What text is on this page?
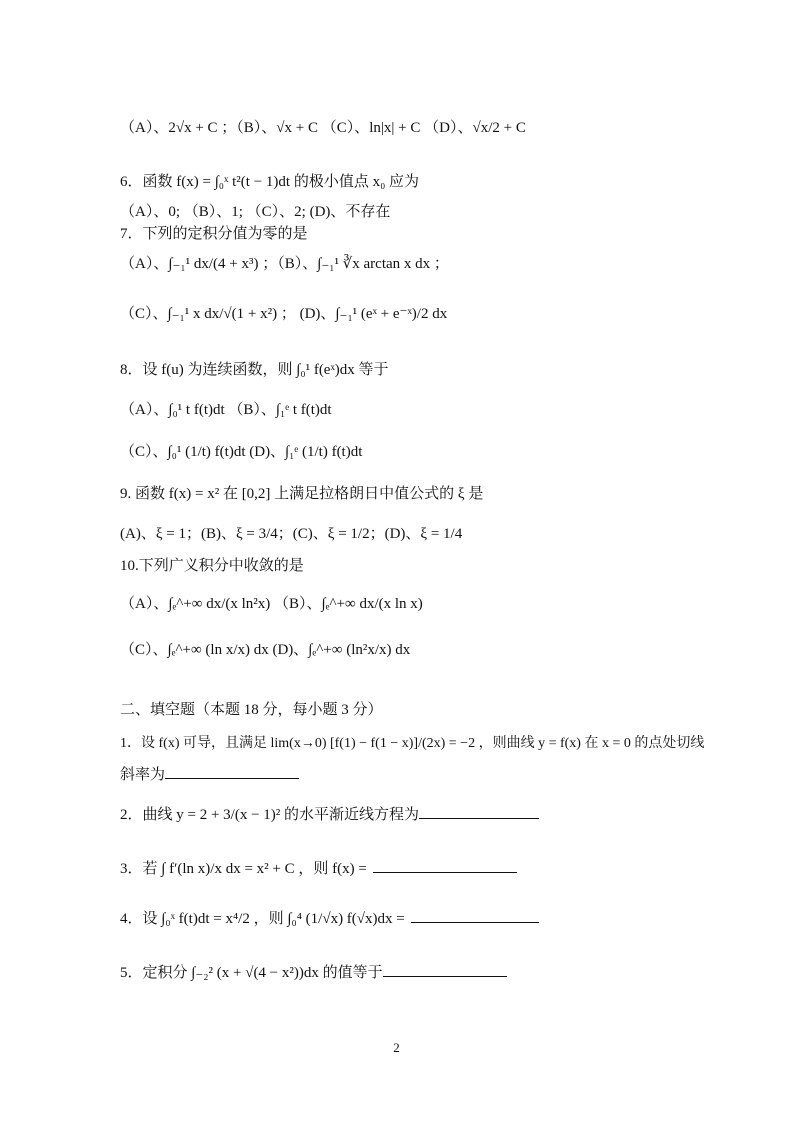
（A）、2√x + C ；（B）、√x + C （C）、ln|x| + C （D）、√x/2 + C
6．函数 f(x) = ∫₀ˣ t²(t − 1)dt 的极小值点 x₀ 应为
（A）、0; （B）、1; （C）、2; (D)、不存在
7．下列的定积分值为零的是
（A）、∫₋₁¹ dx/(4 + x³) ；（B）、∫₋₁¹ ∛x arctan x dx ；
（C）、∫₋₁¹ x dx/√(1 + x²) ； (D)、∫₋₁¹ (eˣ + e⁻ˣ)/2 dx
8．设 f(u) 为连续函数，则 ∫₀¹ f(eˣ)dx 等于
（A）、∫₀¹ t f(t)dt （B）、∫₁ᵉ t f(t)dt
（C）、∫₀¹ (1/t) f(t)dt (D)、∫₁ᵉ (1/t) f(t)dt
9. 函数 f(x) = x² 在 [0,2] 上满足拉格朗日中值公式的 ξ 是
(A)、ξ = 1；(B)、ξ = 3/4；(C)、ξ = 1/2；(D)、ξ = 1/4
10.下列广义积分中收敛的是
（A）、∫ₑ^+∞ dx/(x ln²x) （B）、∫ₑ^+∞ dx/(x ln x)
（C）、∫ₑ^+∞ (ln x/x) dx (D)、∫ₑ^+∞ (ln²x/x) dx
二、填空题（本题 18 分，每小题 3 分）
1．设 f(x) 可导，且满足 lim(x→0) [f(1) − f(1 − x)]/(2x) = −2 ，则曲线 y = f(x) 在 x = 0 的点处切线
斜率为
2．曲线 y = 2 + 3/(x − 1)² 的水平渐近线方程为
3．若 ∫ f′(ln x)/x dx = x² + C ，则 f(x) =
4．设 ∫₀ˣ f(t)dt = x⁴/2 ，则 ∫₀⁴ (1/√x) f(√x)dx =
5．定积分 ∫₋₂² (x + √(4 − x²))dx 的值等于
2
